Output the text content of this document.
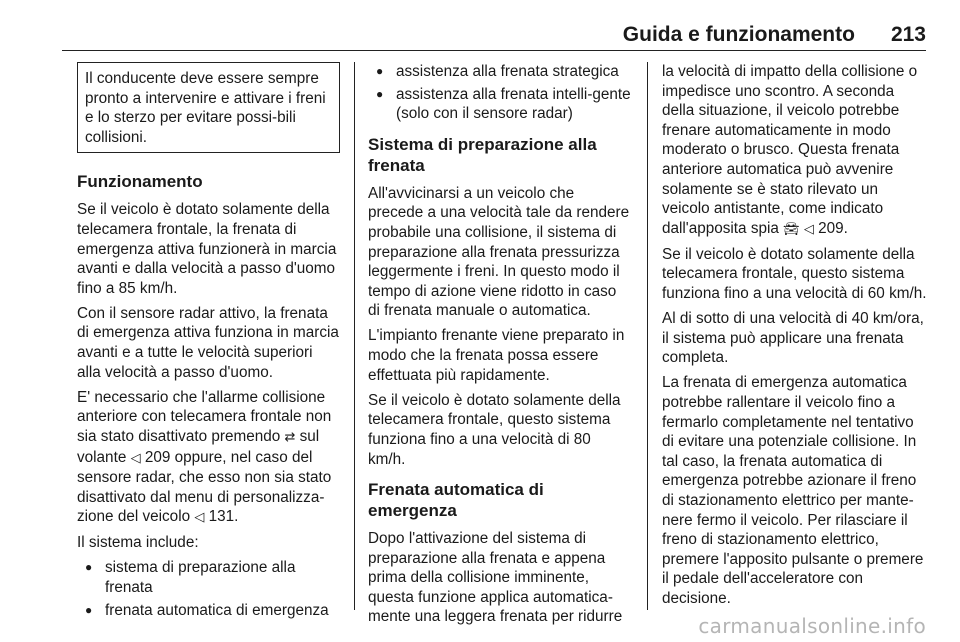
Guida e funzionamento 213
Il conducente deve essere sempre pronto a intervenire e attivare i freni e lo sterzo per evitare possi-bili collisioni.
Funzionamento

Se il veicolo è dotato solamente della telecamera frontale, la frenata di emergenza attiva funzionerà in marcia avanti e dalla velocità a passo d'uomo fino a 85 km/h.

Con il sensore radar attivo, la frenata di emergenza attiva funziona in marcia avanti e a tutte le velocità superiori alla velocità a passo d'uomo.

E' necessario che l'allarme collisione anteriore con telecamera frontale non sia stato disattivato premendo ⇄ sul volante ◁ 209 oppure, nel caso del sensore radar, che esso non sia stato disattivato dal menu di personalizza-zione del veicolo ◁ 131.

Il sistema include:

● sistema di preparazione alla frenata
● frenata automatica di emergenza
● assistenza alla frenata strategica
● assistenza alla frenata intelli-gente (solo con il sensore radar)
Sistema di preparazione alla frenata

All'avvicinarsi a un veicolo che precede a una velocità tale da rendere probabile una collisione, il sistema di preparazione alla frenata pressurizza leggermente i freni. In questo modo il tempo di azione viene ridotto in caso di frenata manuale o automatica.

L'impianto frenante viene preparato in modo che la frenata possa essere effettuata più rapidamente.

Se il veicolo è dotato solamente della telecamera frontale, questo sistema funziona fino a una velocità di 80 km/h.

Frenata automatica di emergenza

Dopo l'attivazione del sistema di preparazione alla frenata e appena prima della collisione imminente, questa funzione applica automatica-mente una leggera frenata per ridurre

la velocità di impatto della collisione o impedisce uno scontro. A seconda della situazione, il veicolo potrebbe frenare automaticamente in modo moderato o brusco. Questa frenata anteriore automatica può avvenire solamente se è stato rilevato un veicolo antistante, come indicato dall'apposita spia 🚘︎ ◁ 209.

Se il veicolo è dotato solamente della telecamera frontale, questo sistema funziona fino a una velocità di 60 km/h.

Al di sotto di una velocità di 40 km/ora, il sistema può applicare una frenata completa.

La frenata di emergenza automatica potrebbe rallentare il veicolo fino a fermarlo completamente nel tentativo di evitare una potenziale collisione. In tal caso, la frenata automatica di emergenza potrebbe azionare il freno di stazionamento elettrico per mante-nere fermo il veicolo. Per rilasciare il freno di stazionamento elettrico, premere l'apposito pulsante o premere il pedale dell'acceleratore con decisione.

carmanualsonline.info
